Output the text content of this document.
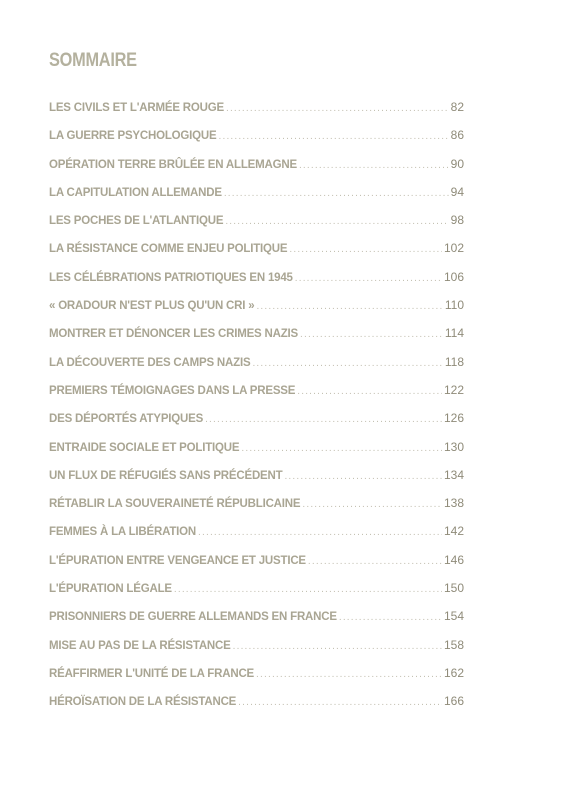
SOMMAIRE
LES CIVILS ET L'ARMÉE ROUGE .....	82
LA GUERRE PSYCHOLOGIQUE .....	86
OPÉRATION TERRE BRÛLÉE EN ALLEMAGNE .....	90
LA CAPITULATION ALLEMANDE .....	94
LES POCHES DE L'ATLANTIQUE .....	98
LA RÉSISTANCE COMME ENJEU POLITIQUE .....	102
LES CÉLÉBRATIONS PATRIOTIQUES EN 1945 .....	106
« ORADOUR N'EST PLUS QU'UN CRI » .....	110
MONTRER ET DÉNONCER LES CRIMES NAZIS .....	114
LA DÉCOUVERTE DES CAMPS NAZIS .....	118
PREMIERS TÉMOIGNAGES DANS LA PRESSE .....	122
DES DÉPORTÉS ATYPIQUES .....	126
ENTRAIDE SOCIALE ET POLITIQUE .....	130
UN FLUX DE RÉFUGIÉS SANS PRÉCÉDENT .....	134
RÉTABLIR LA SOUVERAINETÉ RÉPUBLICAINE .....	138
FEMMES À LA LIBÉRATION .....	142
L'ÉPURATION ENTRE VENGEANCE ET JUSTICE .....	146
L'ÉPURATION LÉGALE .....	150
PRISONNIERS DE GUERRE ALLEMANDS EN FRANCE .....	154
MISE AU PAS DE LA RÉSISTANCE .....	158
RÉAFFIRMER L'UNITÉ DE LA FRANCE .....	162
HÉROÏSATION DE LA RÉSISTANCE .....	166
